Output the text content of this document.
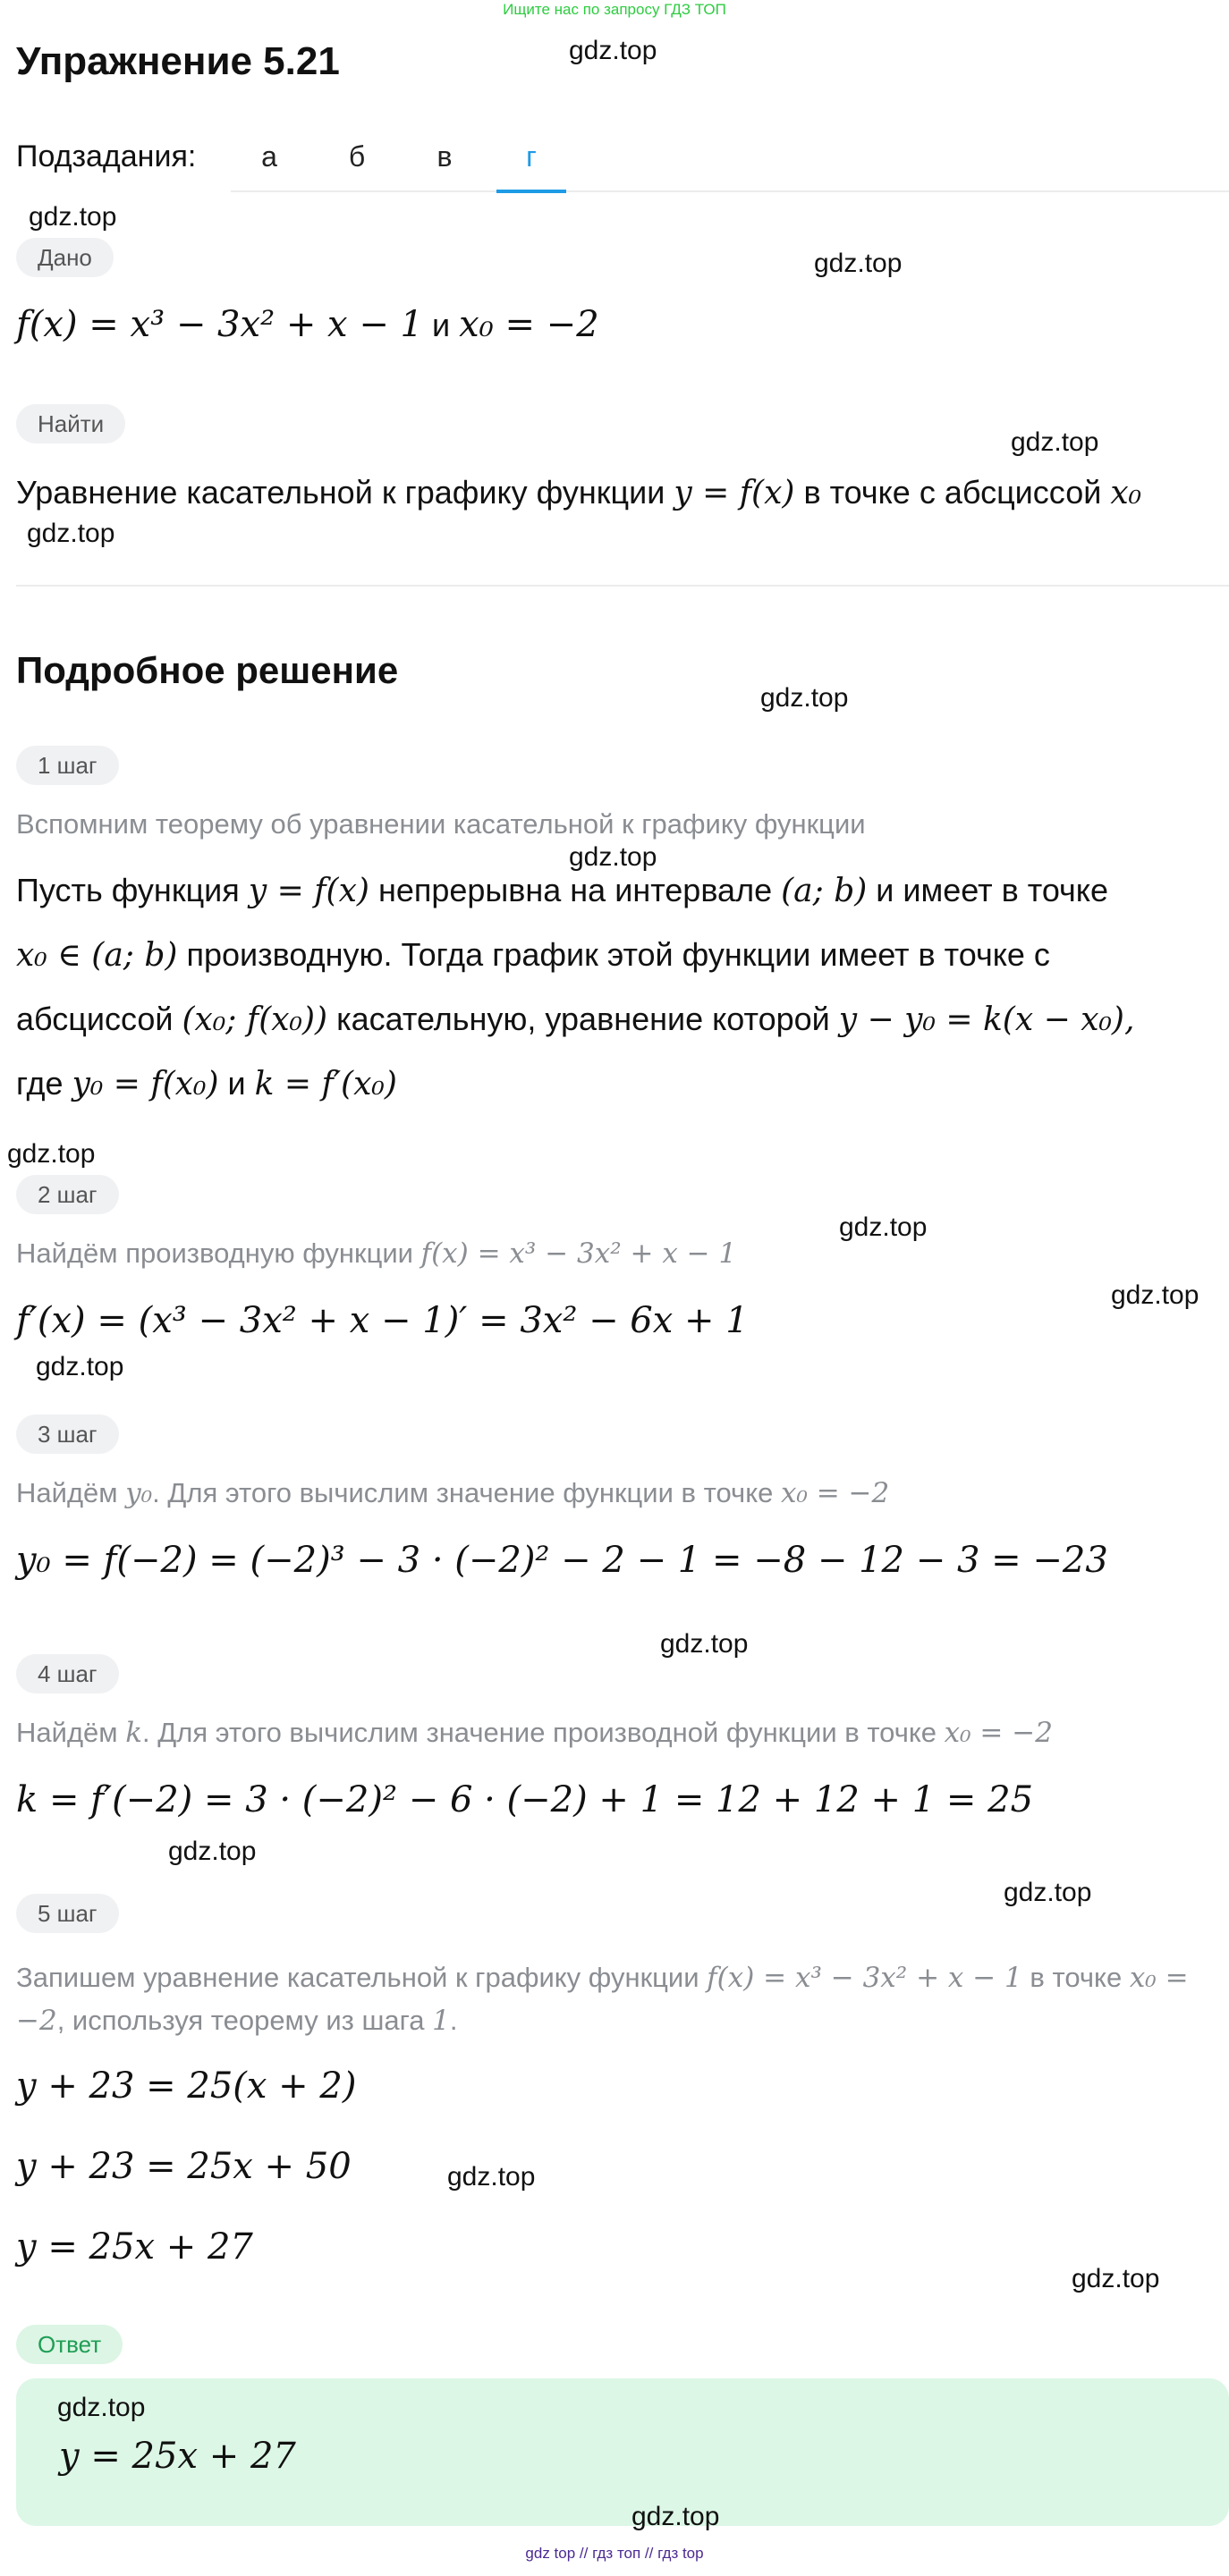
Ищите нас по запросу ГДЗ ТОП
Упражнение 5.21
Подзадания:	а	б	в	г
Дано
f(x) = x³ − 3x² + x − 1 и x₀ = −2
Найти
Уравнение касательной к графику функции y = f(x) в точке с абсциссой x₀
Подробное решение
1 шаг
Вспомним теорему об уравнении касательной к графику функции
Пусть функция y = f(x) непрерывна на интервале (a; b) и имеет в точке
x₀ ∈ (a; b) производную. Тогда график этой функции имеет в точке с
абсциссой (x₀; f(x₀)) касательную, уравнение которой y − y₀ = k(x − x₀),
где y₀ = f(x₀) и k = f′(x₀)
2 шаг
Найдём производную функции f(x) = x³ − 3x² + x − 1
f′(x) = (x³ − 3x² + x − 1)′ = 3x² − 6x + 1
3 шаг
Найдём y₀. Для этого вычислим значение функции в точке x₀ = −2
y₀ = f(−2) = (−2)³ − 3 · (−2)² − 2 − 1 = −8 − 12 − 3 = −23
4 шаг
Найдём k. Для этого вычислим значение производной функции в точке x₀ = −2
k = f′(−2) = 3 · (−2)² − 6 · (−2) + 1 = 12 + 12 + 1 = 25
5 шаг
Запишем уравнение касательной к графику функции f(x) = x³ − 3x² + x − 1 в точке x₀ = −2, используя теорему из шага 1.
y + 23 = 25(x + 2)
y + 23 = 25x + 50
y = 25x + 27
Ответ
y = 25x + 27
gdz.top
gdz.top
gdz.top
gdz.top
gdz.top
gdz.top
gdz.top
gdz.top
gdz.top
gdz.top
gdz.top
gdz.top
gdz.top
gdz.top
gdz.top
gdz.top
gdz.top
gdz.top
gdz top // гдз топ // гдз top
